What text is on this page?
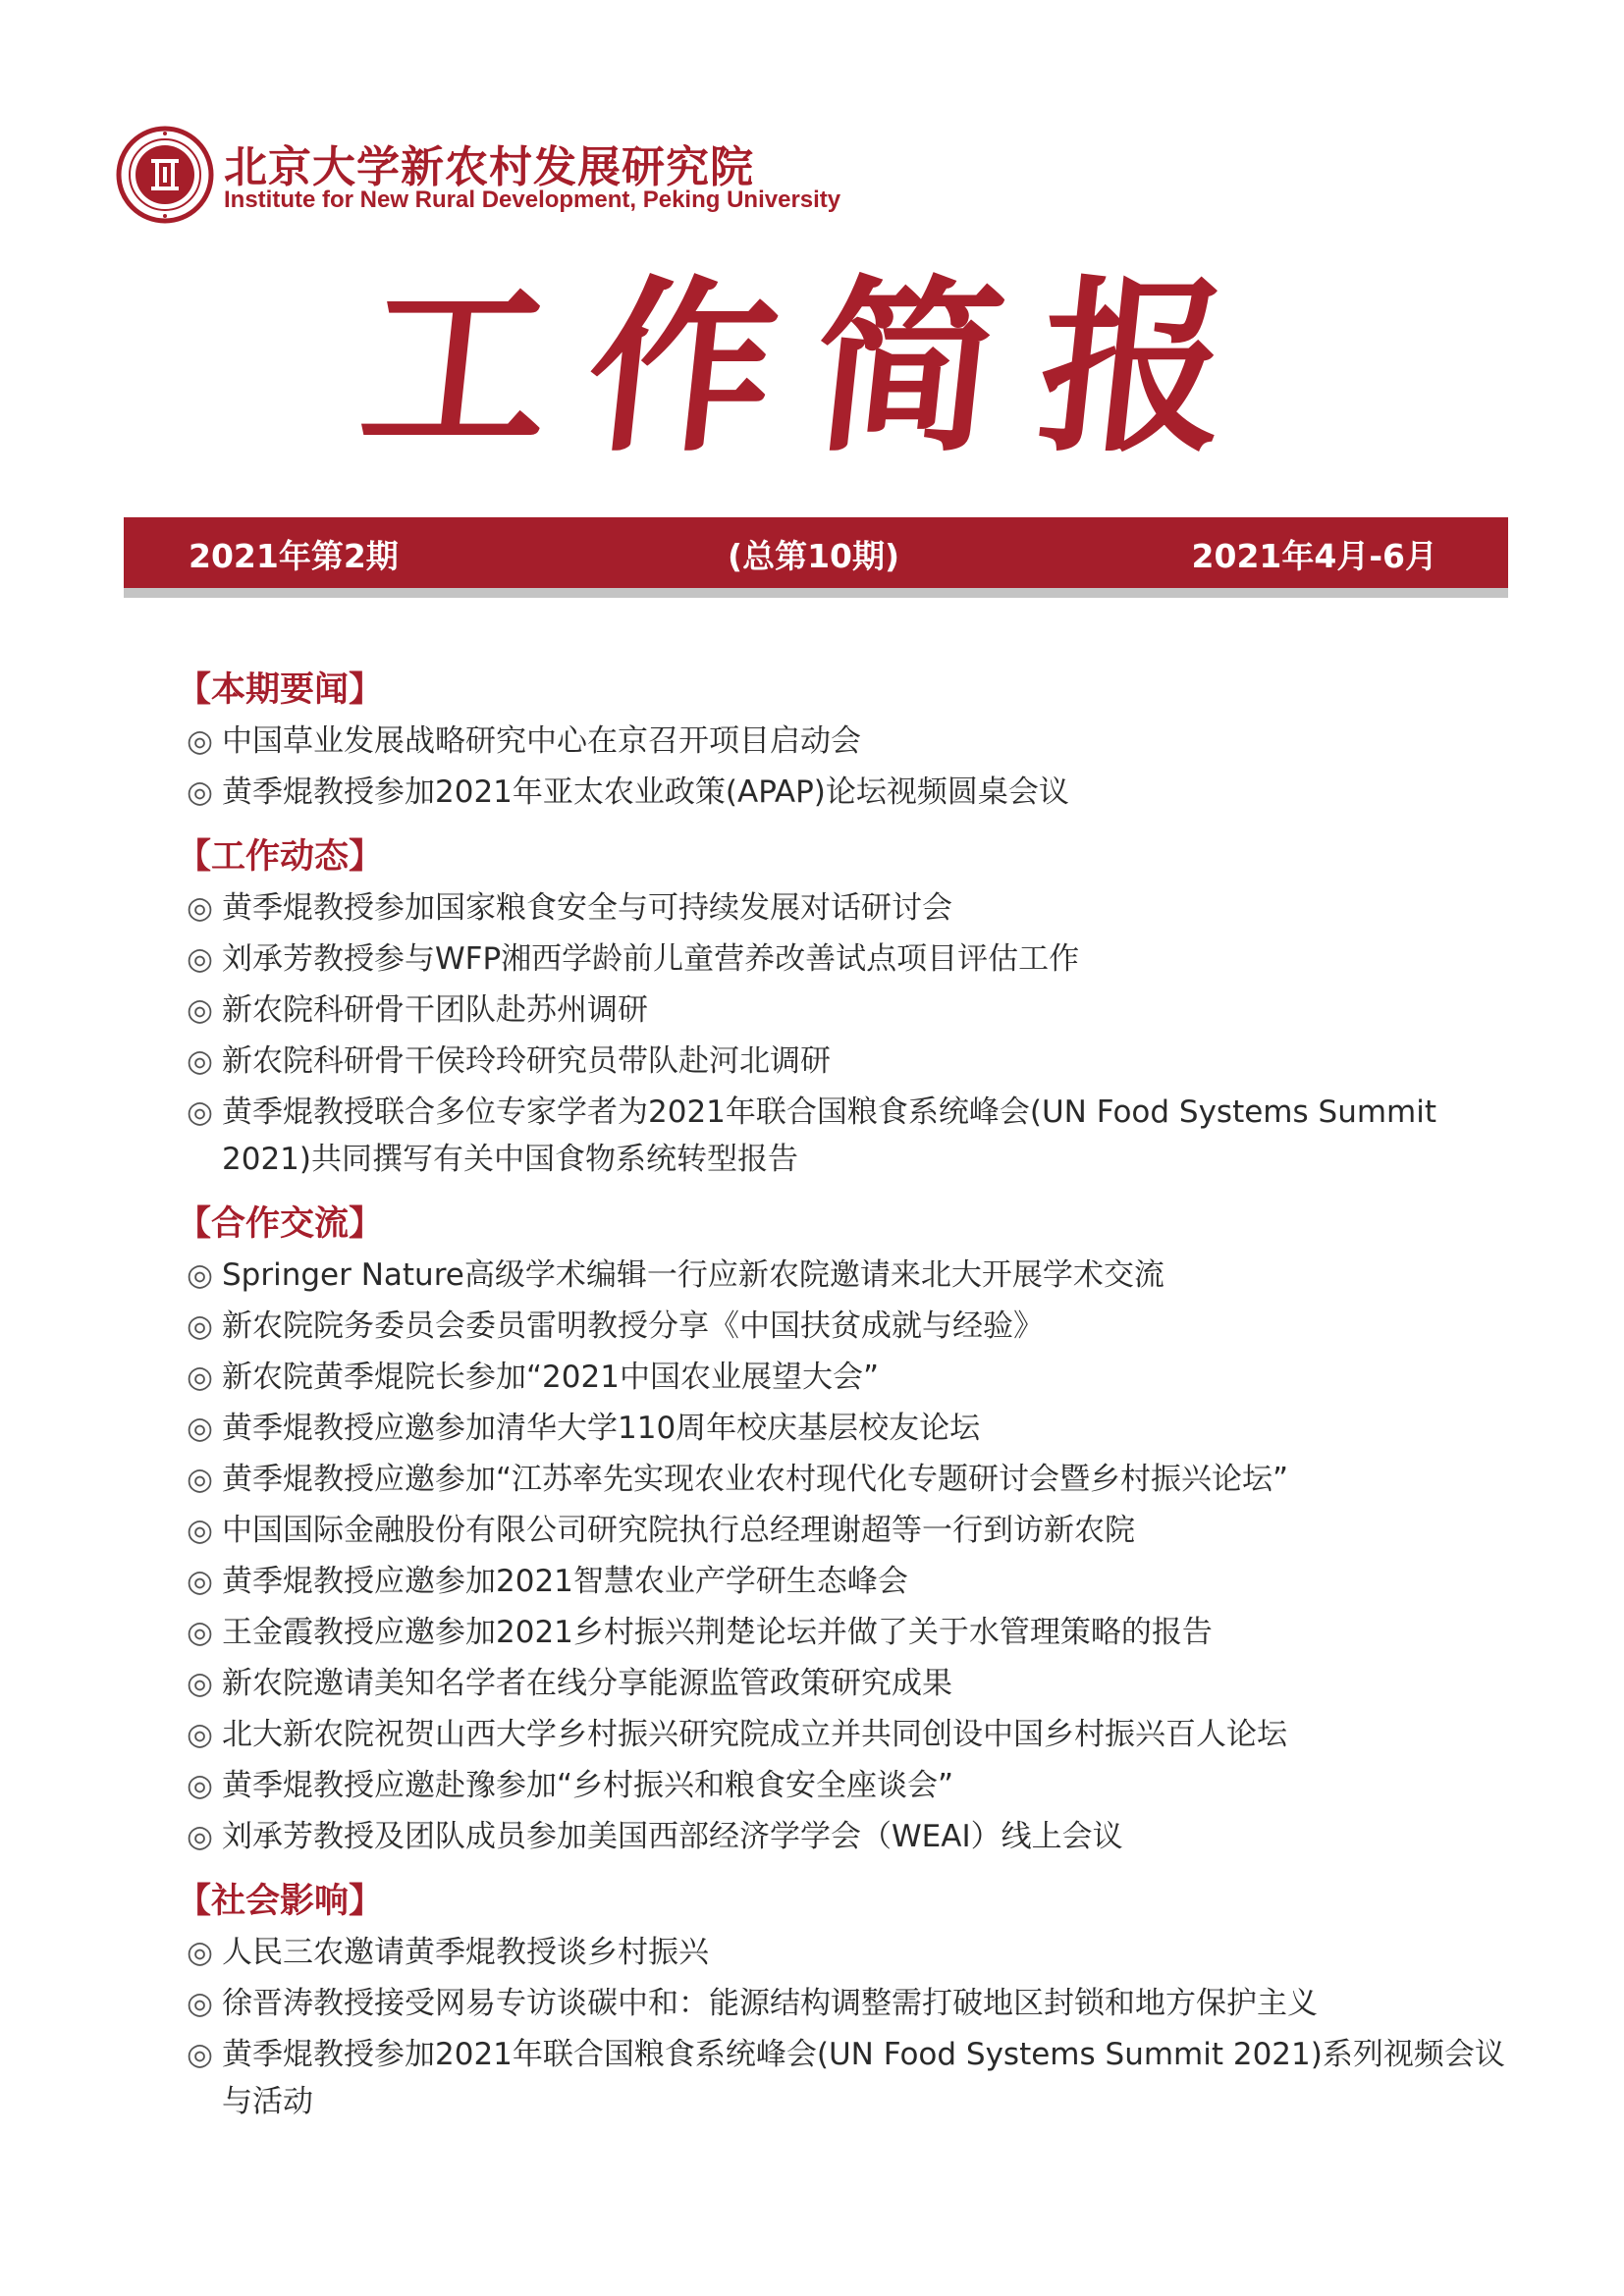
北京大学新农村发展研究院
Institute for New Rural Development, Peking University
工作简报
2021年第2期	(总第10期)	2021年4月-6月
【本期要闻】
◎ 中国草业发展战略研究中心在京召开项目启动会
◎ 黄季焜教授参加2021年亚太农业政策(APAP)论坛视频圆桌会议
【工作动态】
◎ 黄季焜教授参加国家粮食安全与可持续发展对话研讨会
◎ 刘承芳教授参与WFP湘西学龄前儿童营养改善试点项目评估工作
◎ 新农院科研骨干团队赴苏州调研
◎ 新农院科研骨干侯玲玲研究员带队赴河北调研
◎ 黄季焜教授联合多位专家学者为2021年联合国粮食系统峰会(UN Food Systems Summit 2021)共同撰写有关中国食物系统转型报告
【合作交流】
◎ Springer Nature高级学术编辑一行应新农院邀请来北大开展学术交流
◎ 新农院院务委员会委员雷明教授分享《中国扶贫成就与经验》
◎ 新农院黄季焜院长参加“2021中国农业展望大会”
◎ 黄季焜教授应邀参加清华大学110周年校庆基层校友论坛
◎ 黄季焜教授应邀参加“江苏率先实现农业农村现代化专题研讨会暨乡村振兴论坛”
◎ 中国国际金融股份有限公司研究院执行总经理谢超等一行到访新农院
◎ 黄季焜教授应邀参加2021智慧农业产学研生态峰会
◎ 王金霞教授应邀参加2021乡村振兴荆楚论坛并做了关于水管理策略的报告
◎ 新农院邀请美知名学者在线分享能源监管政策研究成果
◎ 北大新农院祝贺山西大学乡村振兴研究院成立并共同创设中国乡村振兴百人论坛
◎ 黄季焜教授应邀赴豫参加“乡村振兴和粮食安全座谈会”
◎ 刘承芳教授及团队成员参加美国西部经济学学会（WEAI）线上会议
【社会影响】
◎ 人民三农邀请黄季焜教授谈乡村振兴
◎ 徐晋涛教授接受网易专访谈碳中和：能源结构调整需打破地区封锁和地方保护主义
◎ 黄季焜教授参加2021年联合国粮食系统峰会(UN Food Systems Summit 2021)系列视频会议与活动
